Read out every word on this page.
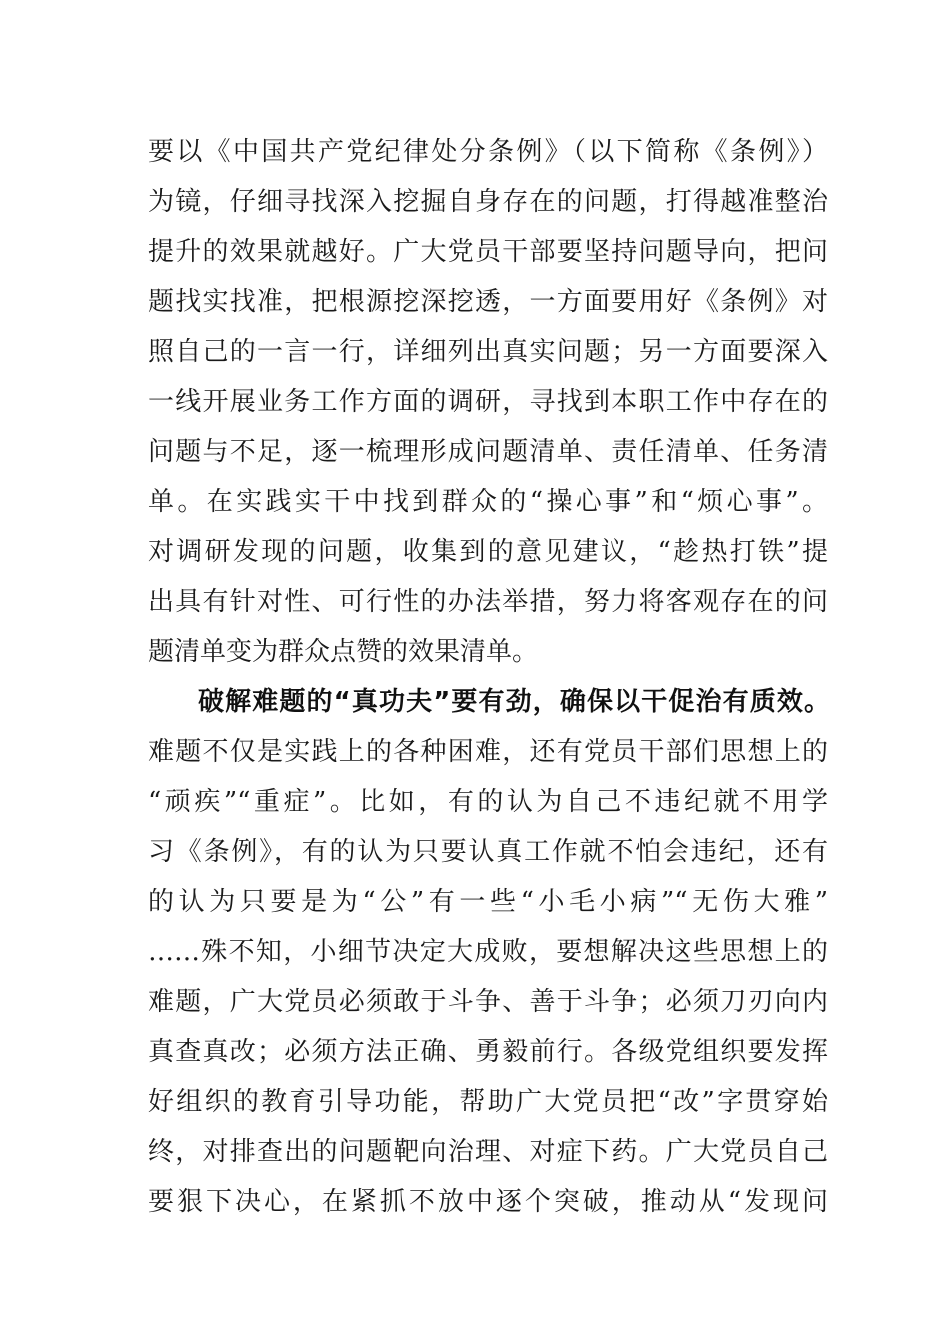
要以《中国共产党纪律处分条例》（以下简称《条例》）
为镜，仔细寻找深入挖掘自身存在的问题，打得越准整治
提升的效果就越好。广大党员干部要坚持问题导向，把问
题找实找准，把根源挖深挖透，一方面要用好《条例》对
照自己的一言一行，详细列出真实问题；另一方面要深入
一线开展业务工作方面的调研，寻找到本职工作中存在的
问题与不足，逐一梳理形成问题清单、责任清单、任务清
单。在实践实干中找到群众的“操心事”和“烦心事”。
对调研发现的问题，收集到的意见建议，“趁热打铁”提
出具有针对性、可行性的办法举措，努力将客观存在的问
题清单变为群众点赞的效果清单。
破解难题的“真功夫”要有劲，确保以干促治有质效。
难题不仅是实践上的各种困难，还有党员干部们思想上的
“顽疾”“重症”。比如，有的认为自己不违纪就不用学
习《条例》，有的认为只要认真工作就不怕会违纪，还有
的认为只要是为“公”有一些“小毛小病”“无伤大雅”
……殊不知，小细节决定大成败，要想解决这些思想上的
难题，广大党员必须敢于斗争、善于斗争；必须刀刃向内
真查真改；必须方法正确、勇毅前行。各级党组织要发挥
好组织的教育引导功能，帮助广大党员把“改”字贯穿始
终，对排查出的问题靶向治理、对症下药。广大党员自己
要狠下决心，在紧抓不放中逐个突破，推动从“发现问
